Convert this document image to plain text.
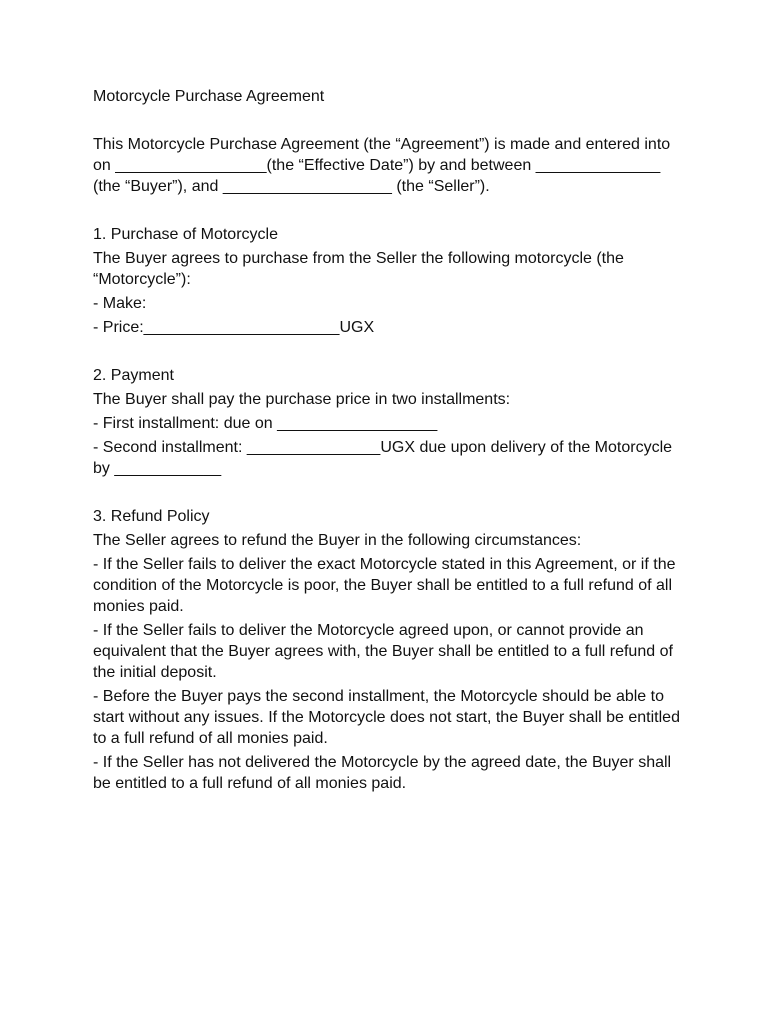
Motorcycle Purchase Agreement

This Motorcycle Purchase Agreement (the “Agreement”) is made and entered into on _________________(the “Effective Date”) by and between ______________ (the “Buyer”), and ___________________ (the “Seller”).

1. Purchase of Motorcycle

The Buyer agrees to purchase from the Seller the following motorcycle (the “Motorcycle”):

- Make:

- Price:______________________UGX

2. Payment

The Buyer shall pay the purchase price in two installments:

- First installment: due on __________________

- Second installment: _______________UGX due upon delivery of the Motorcycle by ____________

3. Refund Policy

The Seller agrees to refund the Buyer in the following circumstances:

- If the Seller fails to deliver the exact Motorcycle stated in this Agreement, or if the condition of the Motorcycle is poor, the Buyer shall be entitled to a full refund of all monies paid.

- If the Seller fails to deliver the Motorcycle agreed upon, or cannot provide an equivalent that the Buyer agrees with, the Buyer shall be entitled to a full refund of the initial deposit.

- Before the Buyer pays the second installment, the Motorcycle should be able to start without any issues. If the Motorcycle does not start, the Buyer shall be entitled to a full refund of all monies paid.

- If the Seller has not delivered the Motorcycle by the agreed date, the Buyer shall be entitled to a full refund of all monies paid.
